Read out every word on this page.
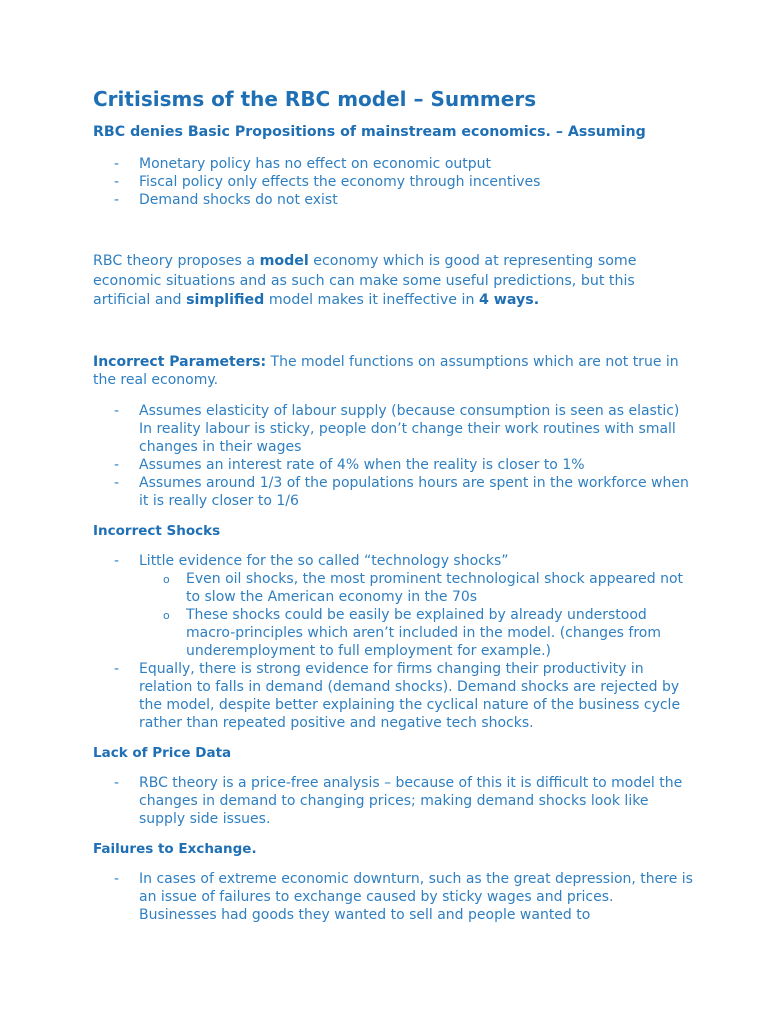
Critisisms of the RBC model – Summers
RBC denies Basic Propositions of mainstream economics. – Assuming
- Monetary policy has no effect on economic output
- Fiscal policy only effects the economy through incentives
- Demand shocks do not exist

RBC theory proposes a model economy which is good at representing some economic situations and as such can make some useful predictions, but this artificial and simplified model makes it ineffective in 4 ways.

Incorrect Parameters: The model functions on assumptions which are not true in the real economy.

- Assumes elasticity of labour supply (because consumption is seen as elastic) In reality labour is sticky, people don’t change their work routines with small changes in their wages
- Assumes an interest rate of 4% when the reality is closer to 1%
- Assumes around 1/3 of the populations hours are spent in the workforce when it is really closer to 1/6

Incorrect Shocks

- Little evidence for the so called “technology shocks”
o Even oil shocks, the most prominent technological shock appeared not to slow the American economy in the 70s
o These shocks could be easily be explained by already understood macro-principles which aren’t included in the model. (changes from underemployment to full employment for example.)
- Equally, there is strong evidence for firms changing their productivity in relation to falls in demand (demand shocks). Demand shocks are rejected by the model, despite better explaining the cyclical nature of the business cycle rather than repeated positive and negative tech shocks.

Lack of Price Data

- RBC theory is a price-free analysis – because of this it is difficult to model the changes in demand to changing prices; making demand shocks look like supply side issues.

Failures to Exchange.

- In cases of extreme economic downturn, such as the great depression, there is an issue of failures to exchange caused by sticky wages and prices. Businesses had goods they wanted to sell and people wanted to
